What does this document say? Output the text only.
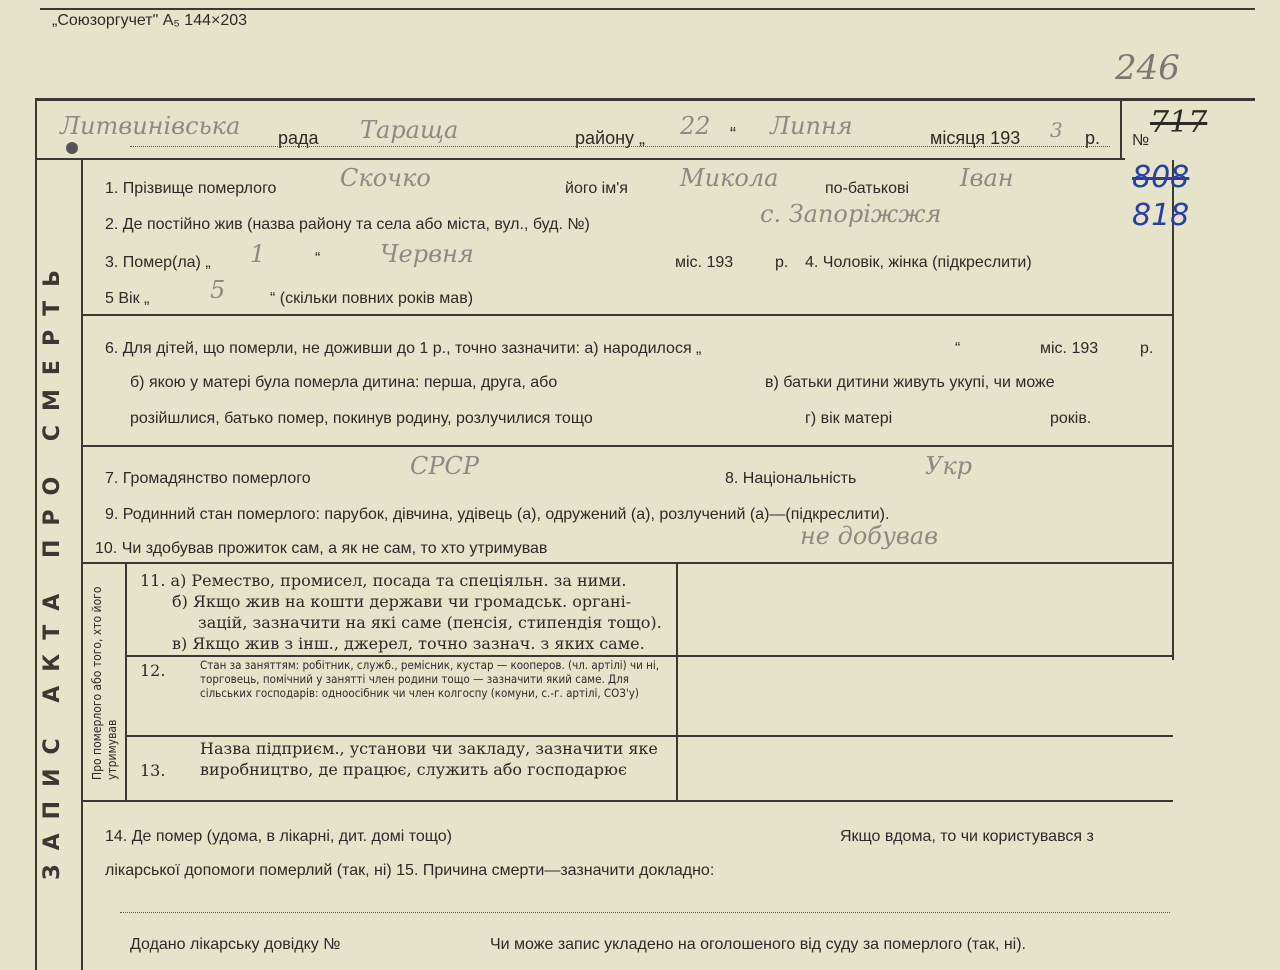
„Союзоргучет" А₅ 144×203
246
ЗАПИС АКТА ПРО СМЕРТЬ
Литвинівська рада Тараща	району „ 22 “ Липня	місяця 193 3 р. №
717
808
818
1. Прізвище померлого	Скочко	його ім'я Микола	по-батькові Іван
2. Де постійно жив (назва району та села або міста, вул., буд. №)	с. Запоріжжя
3. Помер(ла) „ 1	“ Червня	міс. 193	р. 4. Чоловік, жінка (підкреслити)
5 Вік „	5	“ (скільки повних років мав)
6. Для дітей, що померли, не доживши до 1 р., точно зазначити: а) народилося „	“	міс. 193	р.
б) якою у матері була померла дитина: перша, друга, або	в) батьки дитини живуть укупі, чи може
розійшлися, батько помер, покинув родину, розлучилися тощо	г) вік матері	років.
7. Громадянство померлого	СРСР	8. Національність	Укр
9. Родинний стан померлого: парубок, дівчина, удівець (а), одружений (а), розлучений (а)—(підкреслити).
10. Чи здобував прожиток сам, а як не сам, то хто утримував	не добував
Про померлого або того, хто його утримував
11. а) Ремество, промисел, посада та спеціяльн. за ними.
б) Якщо жив на кошти держави чи громадськ. органі-
зацій, зазначити на які саме (пенсія, стипендія тощо).
в) Якщо жив з інш., джерел, точно зазнач. з яких саме.
12.	Стан за заняттям: робітник, служб., ремісник, кустар — кооперов. (чл. артілі) чи ні, торговець, помічний у занятті член родини тощо — зазначити який саме. Для сільських господарів: одноосібник чи член колгоспу (комуни, с.-г. артілі, СОЗ'у)
13.
Назва підприєм., установи чи закладу, зазначити яке виробництво, де працює, служить або господарює
14. Де помер (удома, в лікарні, дит. домі тощо)	Якщо вдома, то чи користувався з
лікарської допомоги померлий (так, ні) 15. Причина смерти—зазначити докладно:
Додано лікарську довідку №	Чи може запис укладено на оголошеного від суду за померлого (так, ні).
